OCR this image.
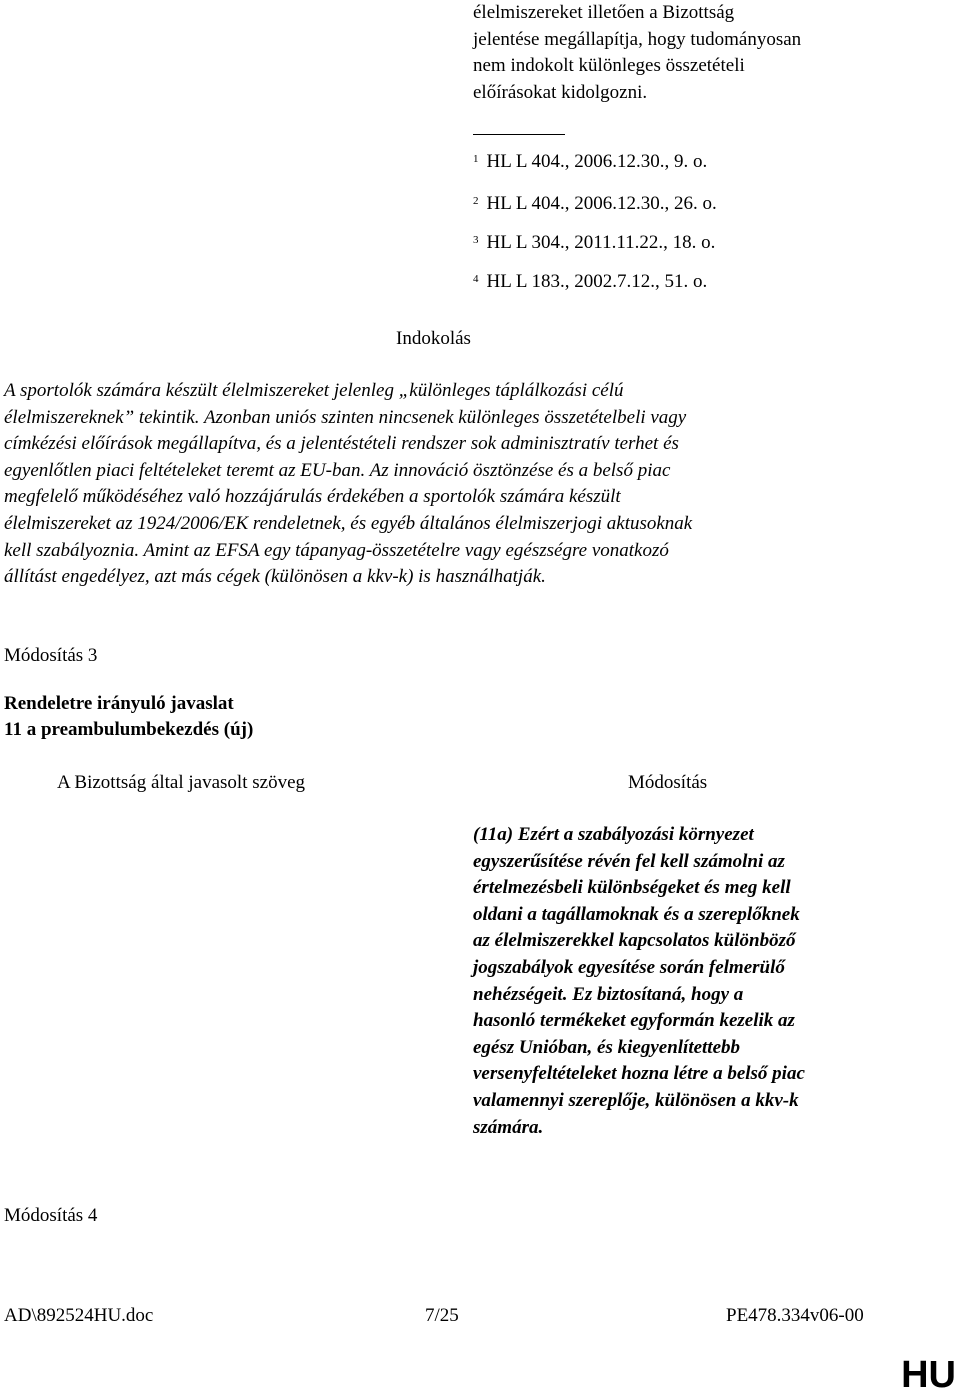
élelmiszereket illetően a Bizottság
jelentése megállapítja, hogy tudományosan
nem indokolt különleges összetételi
előírásokat kidolgozni.
$^1$ HL L 404., 2006.12.30., 9. o.
$^2$ HL L 404., 2006.12.30., 26. o.
$^3$ HL L 304., 2011.11.22., 18. o.
$^4$ HL L 183., 2002.7.12., 51. o.
Indokolás
A sportolók számára készült élelmiszereket jelenleg „különleges táplálkozási célú
élelmiszereknek” tekintik. Azonban uniós szinten nincsenek különleges összetételbeli vagy
címkézési előírások megállapítva, és a jelentéstételi rendszer sok adminisztratív terhet és
egyenlőtlen piaci feltételeket teremt az EU-ban. Az innováció ösztönzése és a belső piac
megfelelő működéséhez való hozzájárulás érdekében a sportolók számára készült
élelmiszereket az 1924/2006/EK rendeletnek, és egyéb általános élelmiszerjogi aktusoknak
kell szabályoznia. Amint az EFSA egy tápanyag-összetételre vagy egészségre vonatkozó
állítást engedélyez, azt más cégek (különösen a kkv-k) is használhatják.
Módosítás 3
Rendeletre irányuló javaslat
11 a preambulumbekezdés (új)
A Bizottság által javasolt szöveg	Módosítás
(11a) Ezért a szabályozási környezet
egyszerűsítése révén fel kell számolni az
értelmezésbeli különbségeket és meg kell
oldani a tagállamoknak és a szereplőknek
az élelmiszerekkel kapcsolatos különböző
jogszabályok egyesítése során felmerülő
nehézségeit. Ez biztosítaná, hogy a
hasonló termékeket egyformán kezelik az
egész Unióban, és kiegyenlítettebb
versenyfeltételeket hozna létre a belső piac
valamennyi szereplője, különösen a kkv-k
számára.
Módosítás 4
AD\892524HU.doc	7/25	PE478.334v06-00
HU
